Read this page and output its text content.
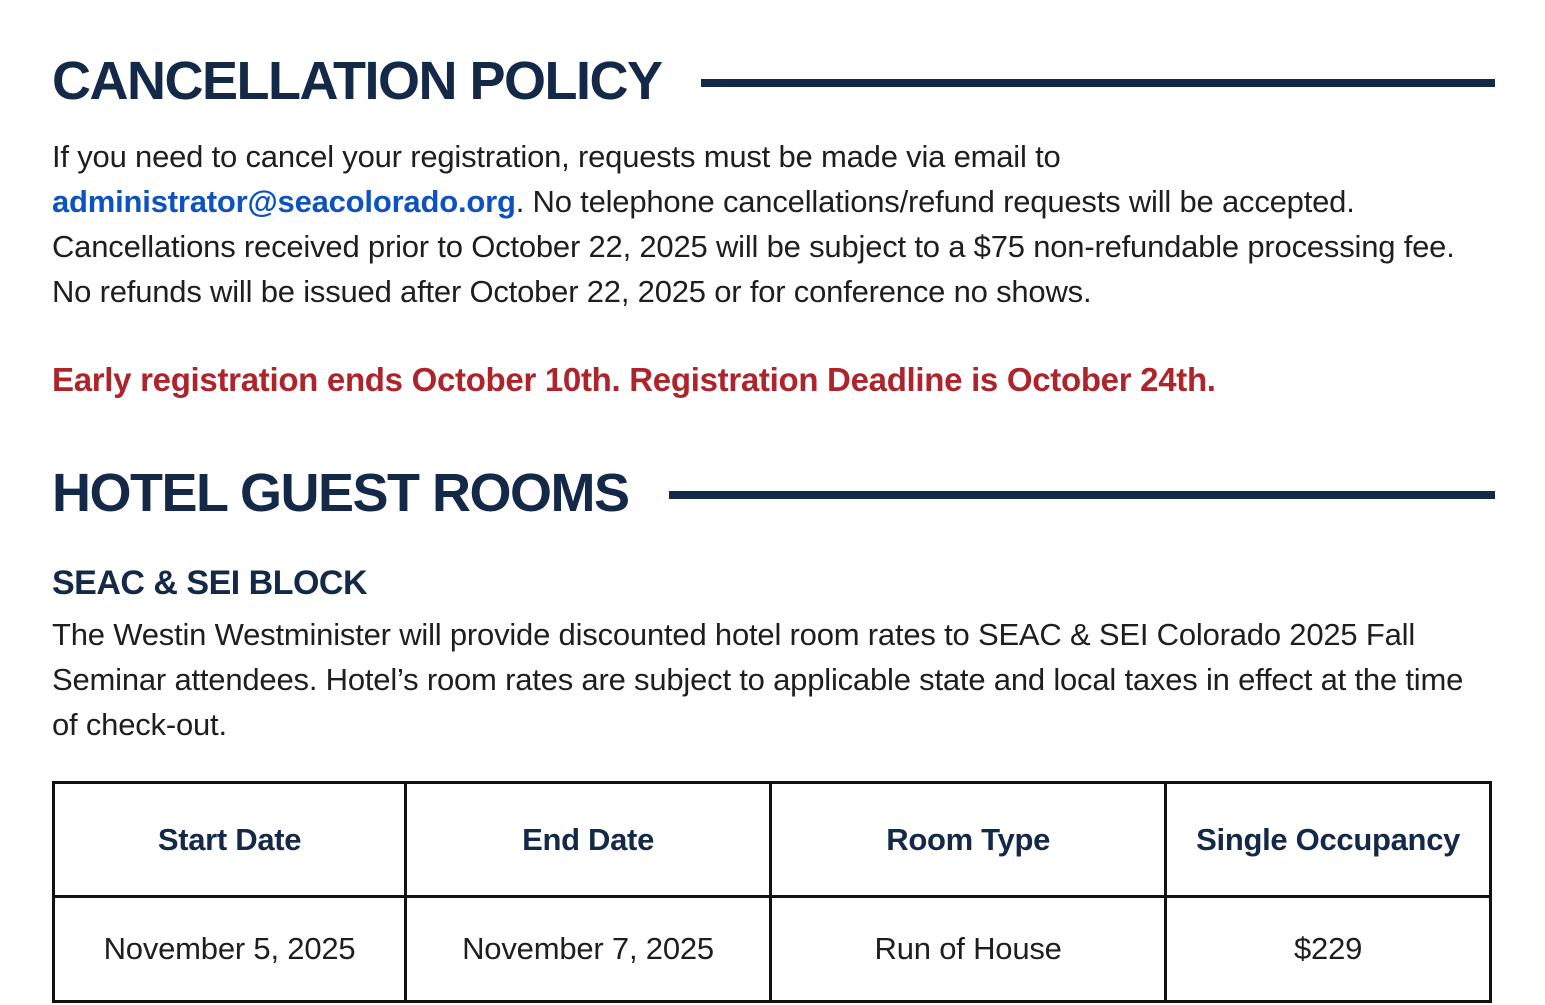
CANCELLATION POLICY

If you need to cancel your registration, requests must be made via email to administrator@seacolorado.org. No telephone cancellations/refund requests will be accepted. Cancellations received prior to October 22, 2025 will be subject to a $75 non-refundable processing fee. No refunds will be issued after October 22, 2025 or for conference no shows.

Early registration ends October 10th. Registration Deadline is October 24th.

HOTEL GUEST ROOMS
SEAC & SEI BLOCK

The Westin Westminister will provide discounted hotel room rates to SEAC & SEI Colorado 2025 Fall Seminar attendees. Hotel’s room rates are subject to applicable state and local taxes in effect at the time of check-out.

Start Date	End Date	Room Type	Single Occupancy
November 5, 2025	November 7, 2025	Run of House	$229
